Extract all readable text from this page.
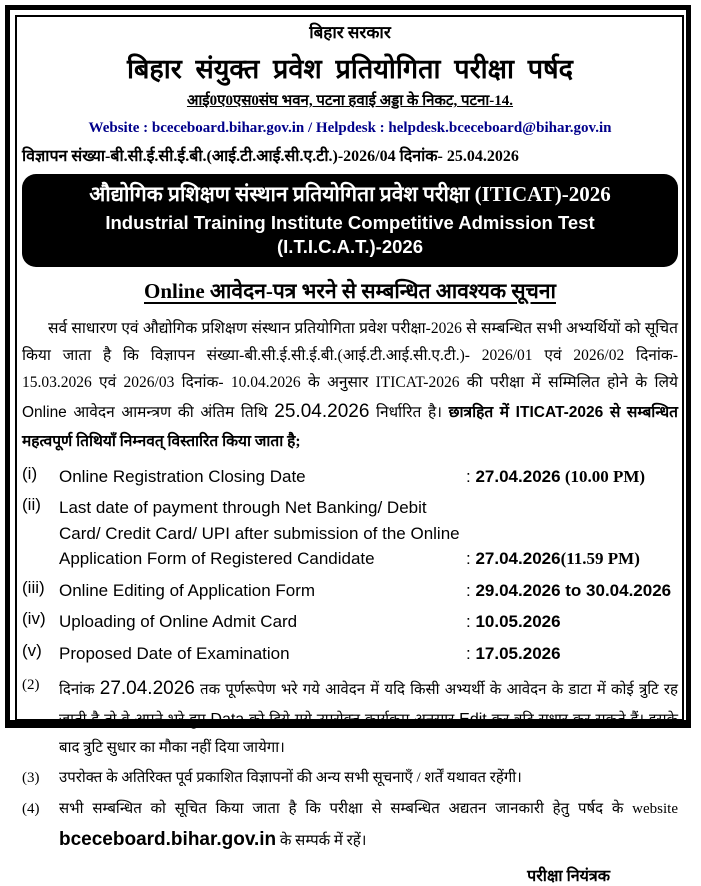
बिहार सरकार
बिहार संयुक्त प्रवेश प्रतियोगिता परीक्षा पर्षद
आई0ए0एस0संघ भवन, पटना हवाई अड्डा के निकट, पटना-14.
Website : bceceboard.bihar.gov.in / Helpdesk : helpdesk.bceceboard@bihar.gov.in
विज्ञापन संख्या-बी.सी.ई.सी.ई.बी.(आई.टी.आई.सी.ए.टी.)-2026/04 दिनांक- 25.04.2026
औद्योगिक प्रशिक्षण संस्थान प्रतियोगिता प्रवेश परीक्षा (ITICAT)-2026
Industrial Training Institute Competitive Admission Test (I.T.I.C.A.T.)-2026
Online आवेदन-पत्र भरने से सम्बन्धित आवश्यक सूचना
सर्व साधारण एवं औद्योगिक प्रशिक्षण संस्थान प्रतियोगिता प्रवेश परीक्षा-2026 से सम्बन्धित सभी अभ्यर्थियों को सूचित किया जाता है कि विज्ञापन संख्या-बी.सी.ई.सी.ई.बी.(आई.टी.आई.सी.ए.टी.)- 2026/01 एवं 2026/02 दिनांक- 15.03.2026 एवं 2026/03 दिनांक- 10.04.2026 के अनुसार ITICAT-2026 की परीक्षा में सम्मिलित होने के लिये Online आवेदन आमन्त्रण की अंतिम तिथि 25.04.2026 निर्धारित है। छात्रहित में ITICAT-2026 से सम्बन्धित महत्वपूर्ण तिथियाँ निम्नवत् विस्तारित किया जाता है;
(i)	Online Registration Closing Date	: 27.04.2026 (10.00 PM)
(ii)	Last date of payment through Net Banking/ Debit Card/ Credit Card/ UPI after submission of the Online Application Form of Registered Candidate	: 27.04.2026(11.59 PM)
(iii) Online Editing of Application Form	: 29.04.2026 to 30.04.2026
(iv) Uploading of Online Admit Card	: 10.05.2026
(v)	Proposed Date of Examination	: 17.05.2026
(2)	दिनांक 27.04.2026 तक पूर्णरूपेण भरे गये आवेदन में यदि किसी अभ्यर्थी के आवेदन के डाटा में कोई त्रुटि रह जाती है तो वे अपने भरे हुए Data को दिये गये उपरोक्त कार्यक्रम अनुसार Edit कर त्रुटि सुधार कर सकते हैं। इसके बाद त्रुटि सुधार का मौका नहीं दिया जायेगा।
(3)	उपरोक्त के अतिरिक्त पूर्व प्रकाशित विज्ञापनों की अन्य सभी सूचनाएँ / शर्तें यथावत रहेंगी।
(4)	सभी सम्बन्धित को सूचित किया जाता है कि परीक्षा से सम्बन्धित अद्यतन जानकारी हेतु पर्षद के website bceceboard.bihar.gov.in के सम्पर्क में रहें।
परीक्षा नियंत्रक
